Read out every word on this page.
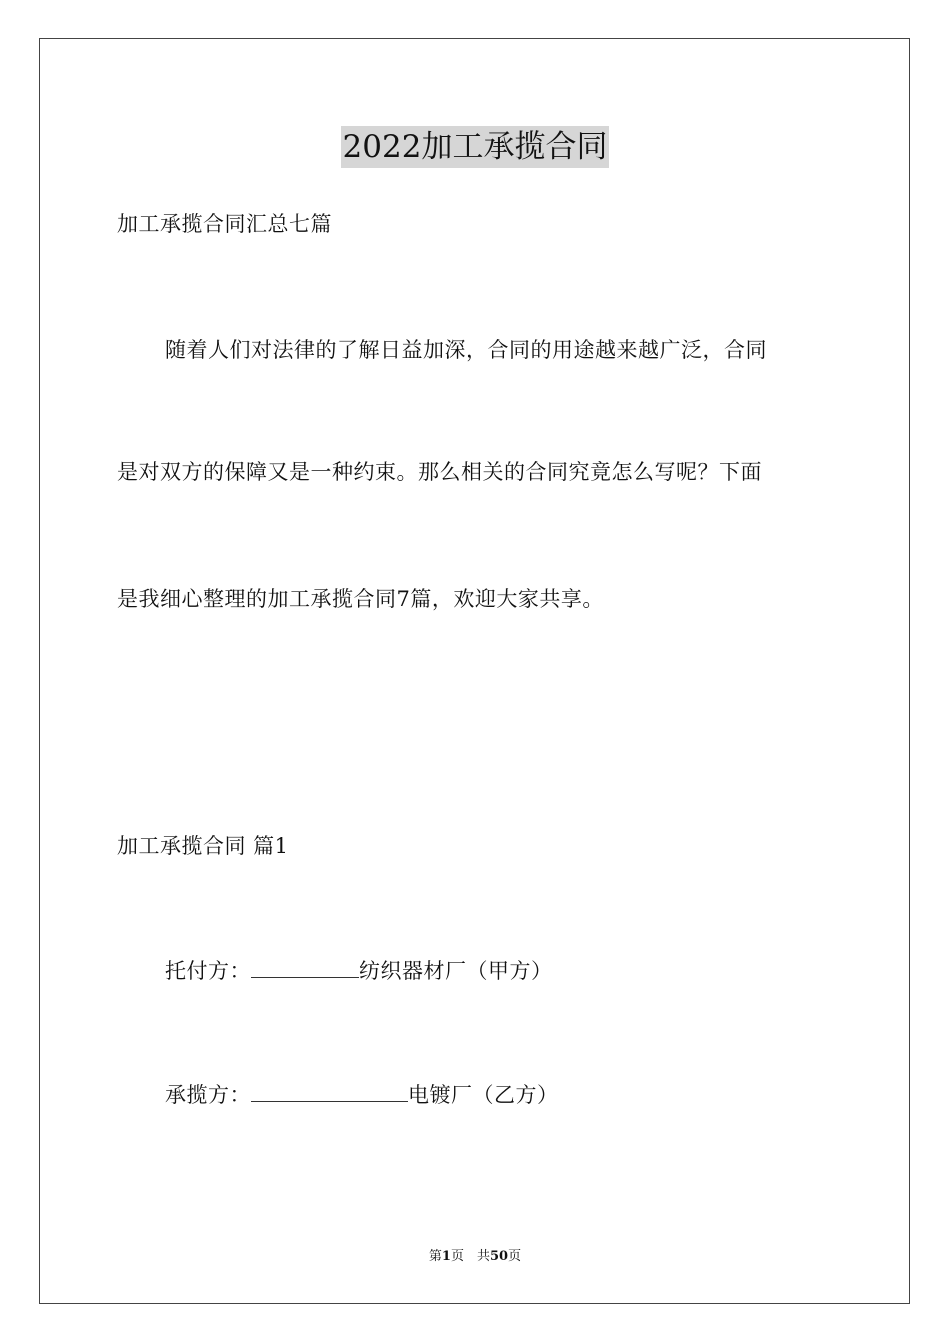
2022加工承揽合同
加工承揽合同汇总七篇
随着人们对法律的了解日益加深，合同的用途越来越广泛，合同
是对双方的保障又是一种约束。那么相关的合同究竟怎么写呢？下面
是我细心整理的加工承揽合同7篇，欢迎大家共享。
加工承揽合同 篇1
托付方：	纺织器材厂（甲方）
承揽方：	电镀厂（乙方）
第1页　共50页
